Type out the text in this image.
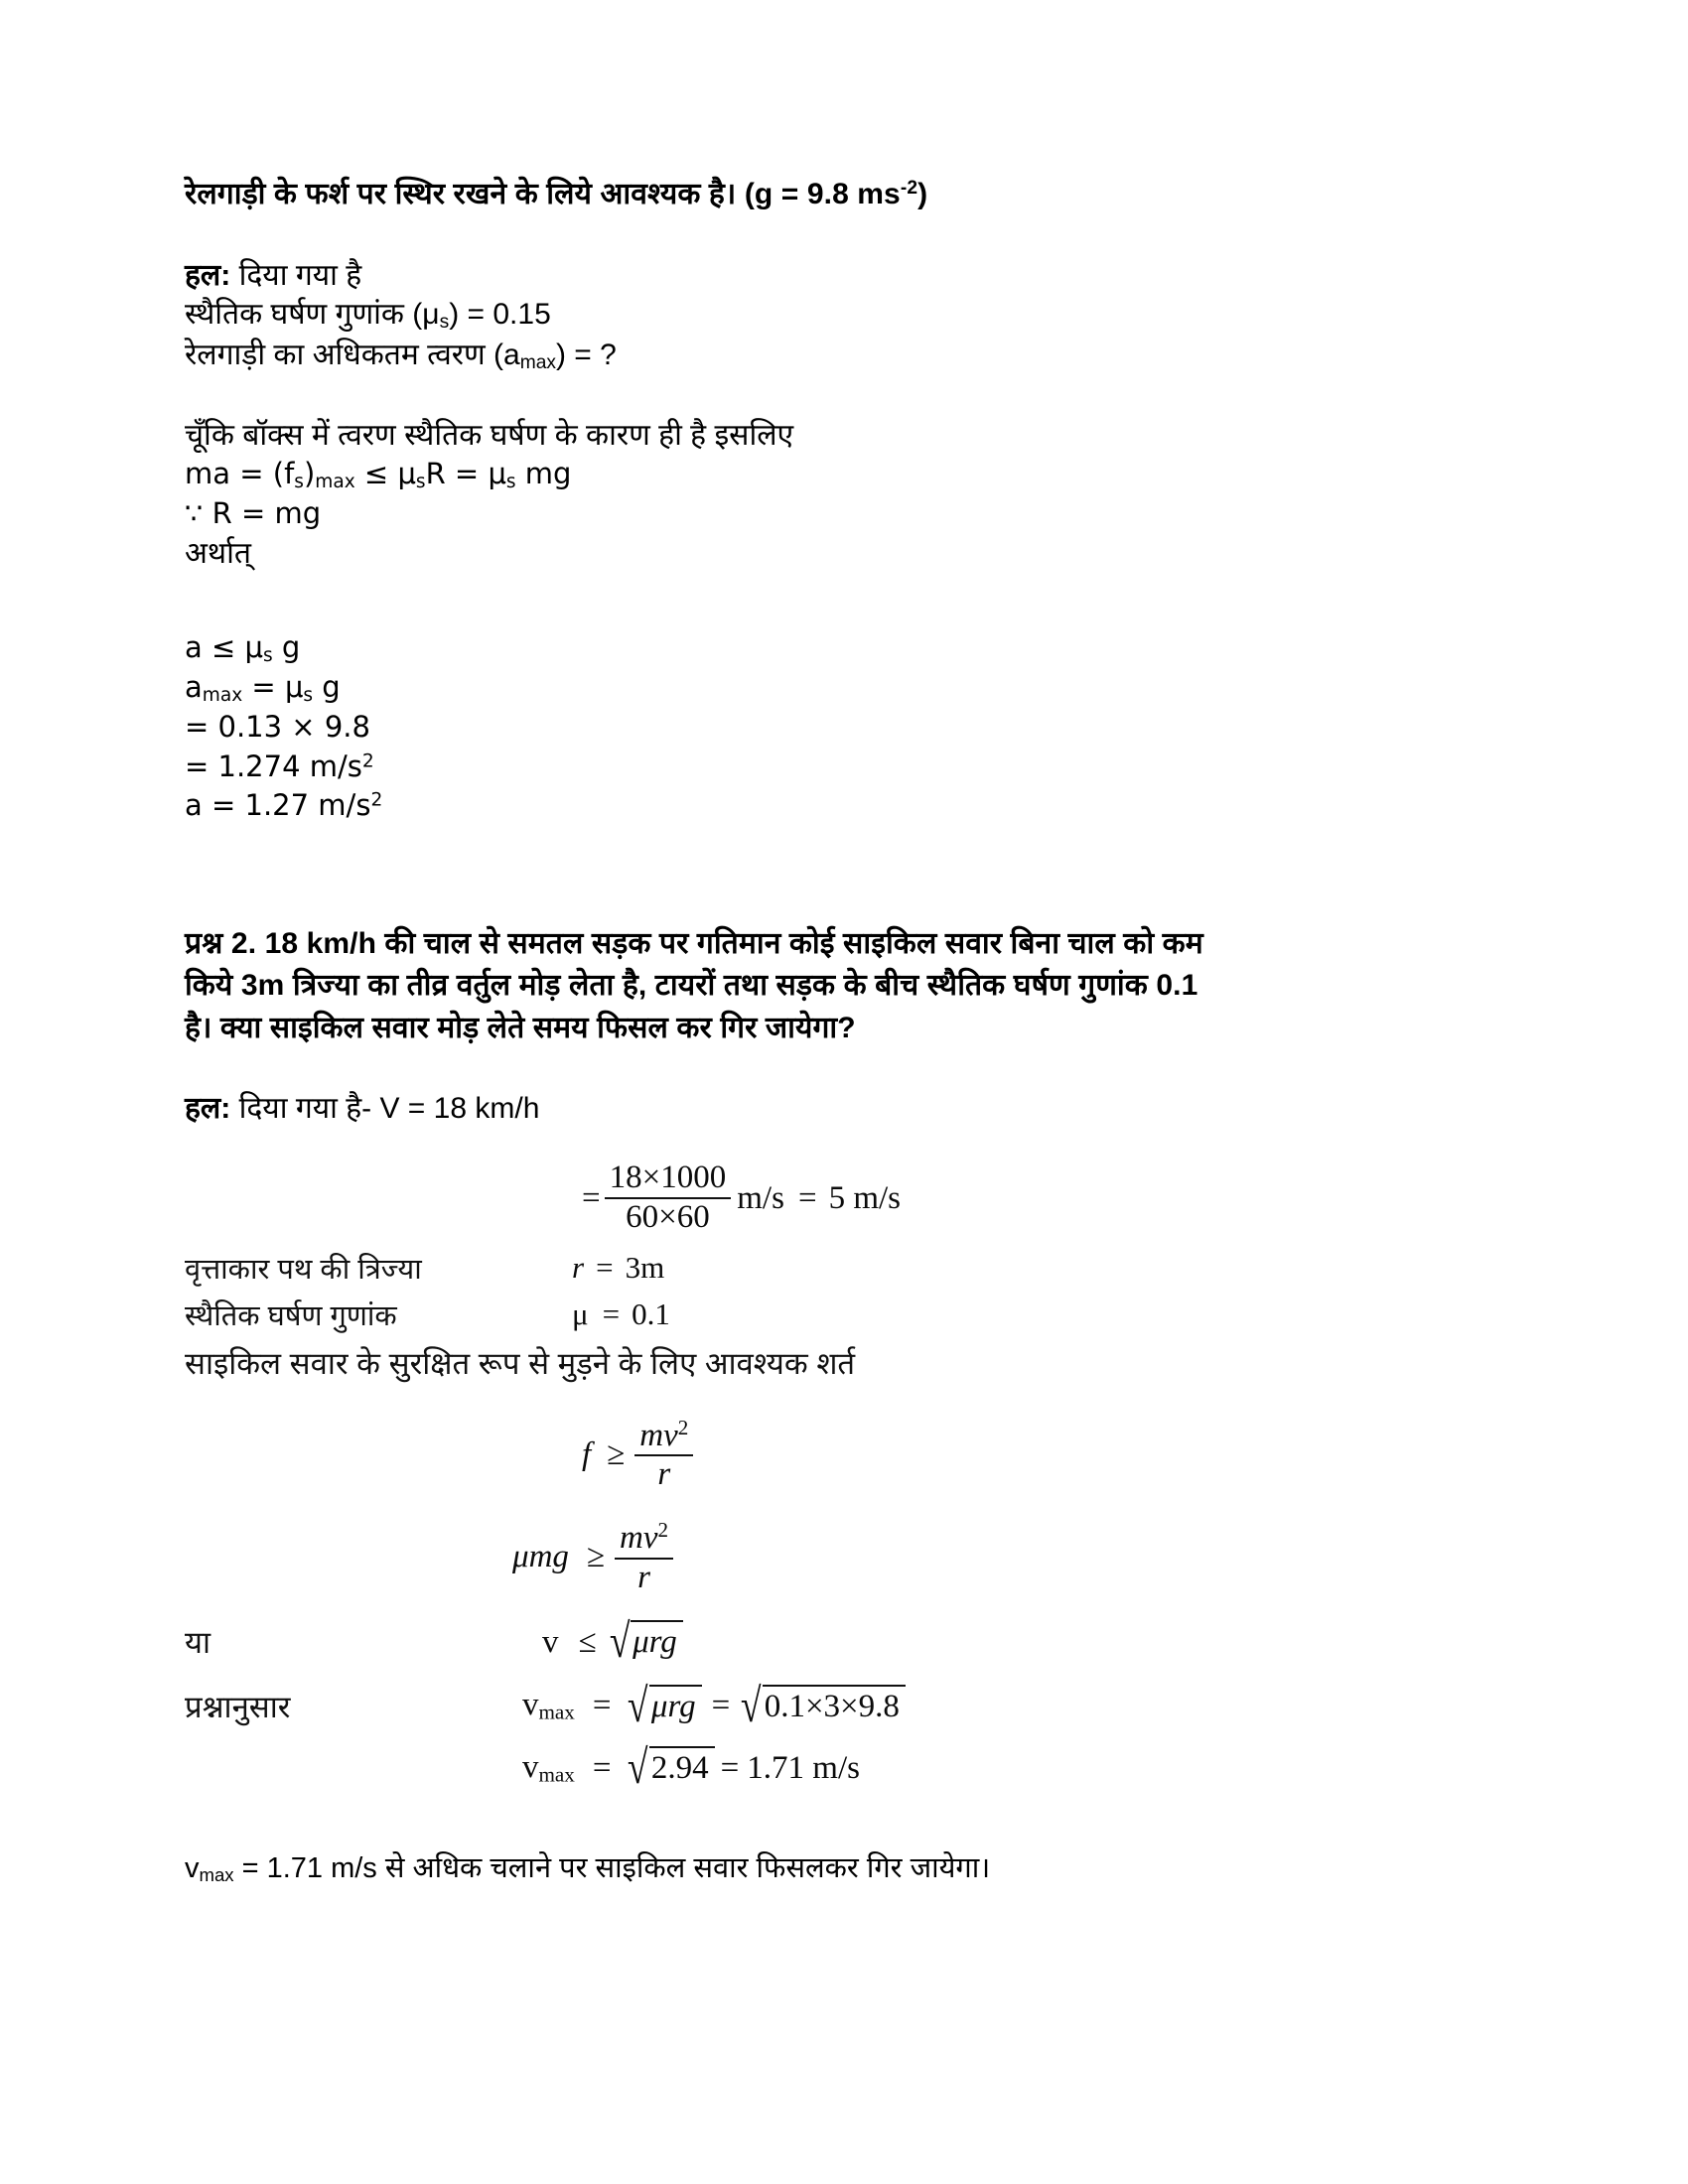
रेलगाड़ी के फर्श पर स्थिर रखने के लिये आवश्यक है। (g = 9.8 $ms^{-2}$)
हल: दिया गया है
स्थैतिक घर्षण गुणांक $(\mu_s) = 0.15$
रेलगाड़ी का अधिकतम त्वरण $(a_{max})$ = ?
चूँकि बॉक्स में त्वरण स्थैतिक घर्षण के कारण ही है इसलिए
ma = $(f_s)_{max} \le \mu_sR = \mu_s$ mg
∵ R = mg
अर्थात्
$a \le \mu_s$ g
$a_{max} = \mu_s$ g
= 0.13 × 9.8
= 1.274 $m/s^2$
a = 1.27 $m/s^2$
प्रश्न 2. 18 km/h की चाल से समतल सड़क पर गतिमान कोई साइकिल सवार बिना चाल को कम
किये 3m त्रिज्या का तीव्र वर्तुल मोड़ लेता है, टायरों तथा सड़क के बीच स्थैतिक घर्षण गुणांक 0.1
है। क्या साइकिल सवार मोड़ लेते समय फिसल कर गिर जायेगा?
हल: दिया गया है- V = 18 km/h
= $\frac{18\times 1000}{60\times 60} m/s = 5$ m/s
वृत्ताकार पथ की त्रिज्या	r = 3m
स्थैतिक घर्षण गुणांक	μ = 0.1
साइकिल सवार के सुरक्षित रूप से मुड़ने के लिए आवश्यक शर्त
$f \ge \frac{mv^2}{r}$
$\mu mg \ge \frac{mv^2}{r}$
या	v ≤ √ μrg
प्रश्नानुसार	$v_{max}$ = √ μrg = √ 0.1×3×9.8
$v_{max}$ = √ 2.94 = 1.71 m/s
$v_{max} = 1.71$ m/s से अधिक चलाने पर साइकिल सवार फिसलकर गिर जायेगा।
